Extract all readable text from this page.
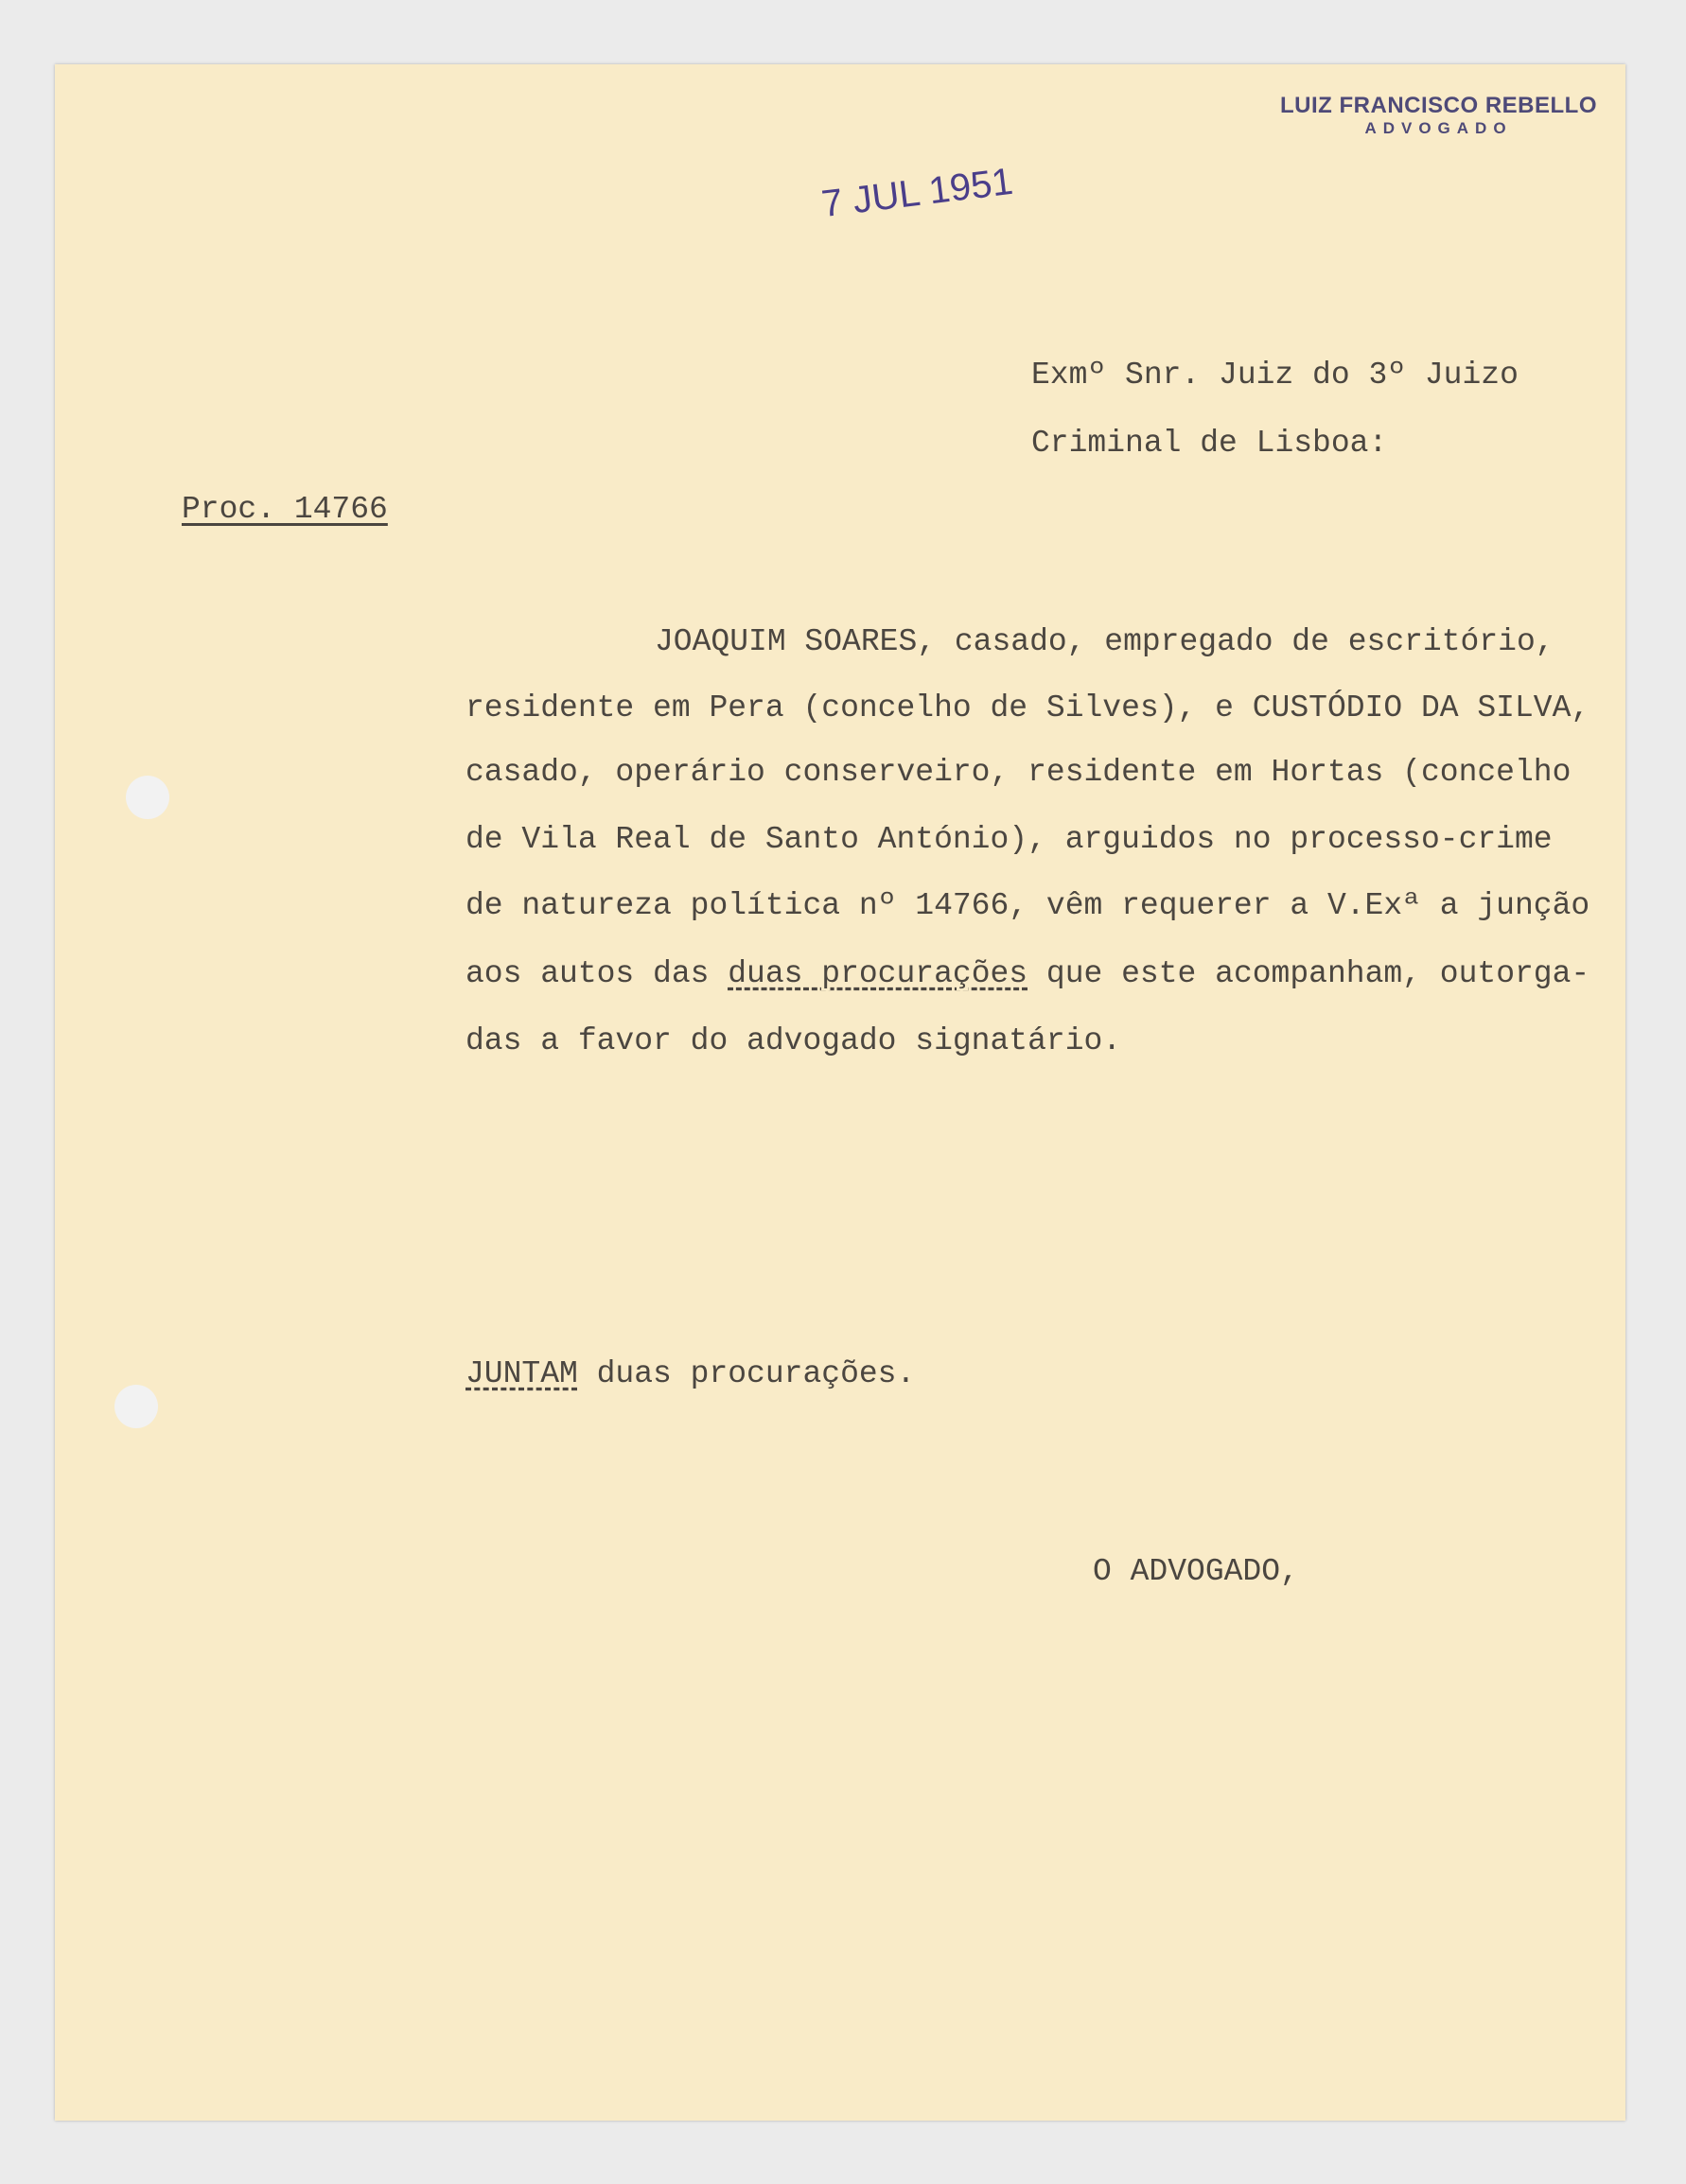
LUIZ FRANCISCO REBELLO
ADVOGADO
7 JUL 1951
Exmº Snr. Juiz do 3º Juizo
Criminal de Lisboa:
Proc. 14766
JOAQUIM SOARES, casado, empregado de escritório,
residente em Pera (concelho de Silves), e CUSTÓDIO DA SILVA,
casado, operário conserveiro, residente em Hortas (concelho
de Vila Real de Santo António), arguidos no processo-crime
de natureza política nº 14766, vêm requerer a V.Exª a junção
aos autos das duas procurações que este acompanham, outorga-
das a favor do advogado signatário.
JUNTAM duas procurações.
O ADVOGADO,
